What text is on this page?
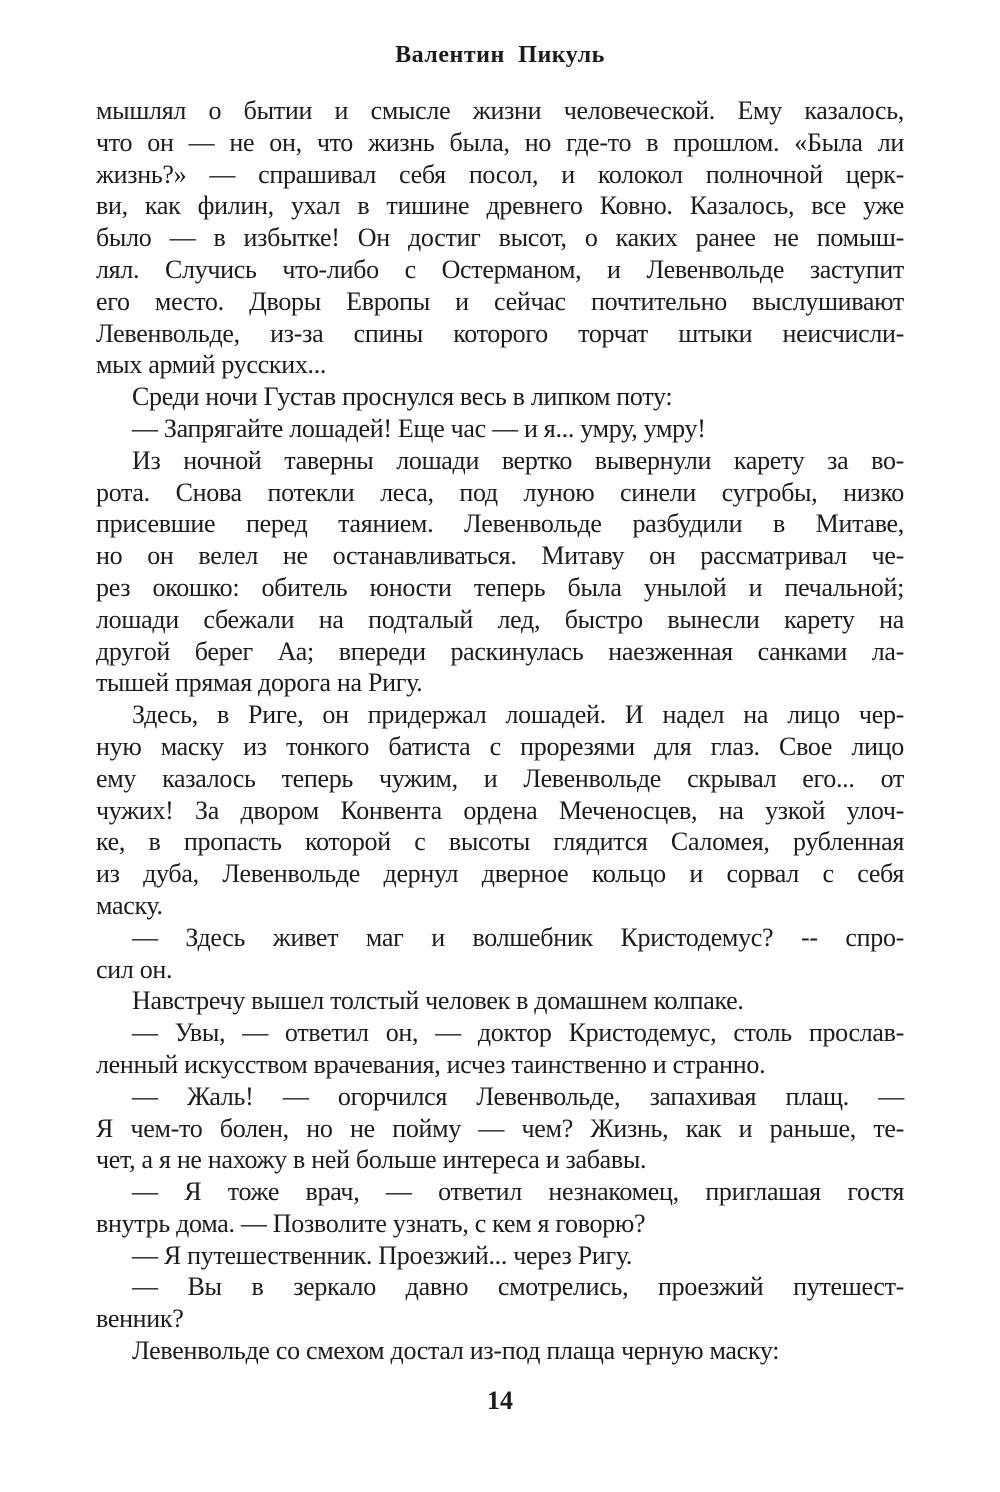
Валентин Пикуль
мышлял о бытии и смысле жизни человеческой. Ему казалось,
что он — не он, что жизнь была, но где-то в прошлом. «Была ли
жизнь?» — спрашивал себя посол, и колокол полночной церк-
ви, как филин, ухал в тишине древнего Ковно. Казалось, все уже
было — в избытке! Он достиг высот, о каких ранее не помыш-
лял. Случись что-либо с Остерманом, и Левенвольде заступит
его место. Дворы Европы и сейчас почтительно выслушивают
Левенвольде, из-за спины которого торчат штыки неисчисли-
мых армий русских...
Среди ночи Густав проснулся весь в липком поту:
— Запрягайте лошадей! Еще час — и я... умру, умру!
Из ночной таверны лошади вертко вывернули карету за во-
рота. Снова потекли леса, под луною синели сугробы, низко
присевшие перед таянием. Левенвольде разбудили в Митаве,
но он велел не останавливаться. Митаву он рассматривал че-
рез окошко: обитель юности теперь была унылой и печальной;
лошади сбежали на подталый лед, быстро вынесли карету на
другой берег Аа; впереди раскинулась наезженная санками ла-
тышей прямая дорога на Ригу.
Здесь, в Риге, он придержал лошадей. И надел на лицо чер-
ную маску из тонкого батиста с прорезями для глаз. Свое лицо
ему казалось теперь чужим, и Левенвольде скрывал его... от
чужих! За двором Конвента ордена Меченосцев, на узкой улоч-
ке, в пропасть которой с высоты глядится Саломея, рубленная
из дуба, Левенвольде дернул дверное кольцо и сорвал с себя
маску.
— Здесь живет маг и волшебник Кристодемус? -- спро-
сил он.
Навстречу вышел толстый человек в домашнем колпаке.
— Увы, — ответил он, — доктор Кристодемус, столь прослав-
ленный искусством врачевания, исчез таинственно и странно.
— Жаль! — огорчился Левенвольде, запахивая плащ. —
Я чем-то болен, но не пойму — чем? Жизнь, как и раньше, те-
чет, а я не нахожу в ней больше интереса и забавы.
— Я тоже врач, — ответил незнакомец, приглашая гостя
внутрь дома. — Позволите узнать, с кем я говорю?
— Я путешественник. Проезжий... через Ригу.
— Вы в зеркало давно смотрелись, проезжий путешест-
венник?
Левенвольде со смехом достал из-под плаща черную маску:
14
